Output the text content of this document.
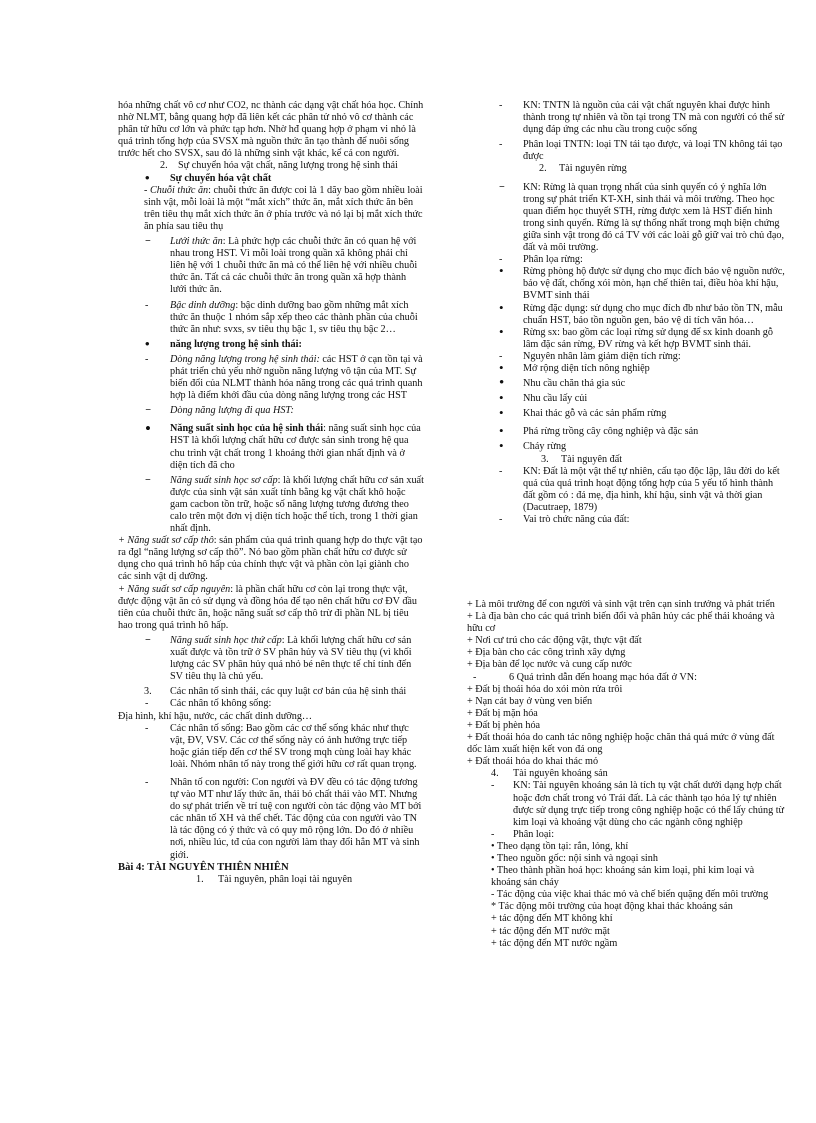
hóa những chất vô cơ như CO2, nc thành các dạng vật chất hóa học. Chính nhờ NLMT, bằng quang hợp đã liên kết các phân tử nhỏ vô cơ thành các phân tử hữu cơ lớn và phức tạp hơn. Nhờ hđ quang hợp ở phạm vi nhỏ là quá trình tổng hợp của SVSX mà nguồn thức ăn tạo thành để nuôi sống trước hết cho SVSX, sau đó là những sinh vật khác, kể cả con người.

2. Sự chuyển hóa vật chất, năng lượng trong hệ sinh thái

• Sự chuyển hóa vật chất

- Chuỗi thức ăn: chuỗi thức ăn được coi là 1 dãy bao gồm nhiều loài sinh vật, mỗi loài là một “mắt xích” thức ăn, mắt xích thức ăn bên trên tiêu thụ mắt xích thức ăn ở phía trước và nó lại bị mắt xích thức ăn phía sau tiêu thụ

− Lưới thức ăn: Là phức hợp các chuỗi thức ăn có quan hệ với nhau trong HST. Vì mỗi loài trong quần xã không phải chỉ liên hệ với 1 chuỗi thức ăn mà có thể liên hệ với nhiều chuỗi thức ăn. Tất cả các chuỗi thức ăn trong quần xã hợp thành lưới thức ăn.

- Bậc dinh dưỡng: bậc dinh dưỡng bao gồm những mắt xích thức ăn thuộc 1 nhóm sắp xếp theo các thành phần của chuỗi thức ăn như: svxs, sv tiêu thụ bậc 1, sv tiêu thụ bậc 2…

• năng lượng trong hệ sinh thái:

- Dòng năng lượng trong hệ sinh thái: các HST ở cạn tồn tại và phát triển chủ yếu nhờ nguồn năng lượng vô tận của MT. Sự biến đổi của NLMT thành hóa năng trong các quá trình quanh hợp là điểm khởi đầu của dòng năng lượng trong các HST

− Dòng năng lượng đi qua HST:

• Năng suất sinh học của hệ sinh thái: năng suất sinh học của HST là khối lượng chất hữu cơ được sản sinh trong hệ qua chu trình vật chất trong 1 khoảng thời gian nhất định và ở diện tích đã cho

− Năng suất sinh học sơ cấp: là khối lượng chất hữu cơ sản xuất được của sinh vật sản xuất tính bằng kg vật chất khô hoặc gam cacbon tồn trữ, hoặc số năng lượng tương đương theo calo trên một đơn vị diện tích hoặc thể tích, trong 1 thời gian nhất định.

+ Năng suất sơ cấp thô: sản phẩm của quá trình quang hợp do thực vật tạo ra đgl “năng lượng sơ cấp thô”. Nó bao gồm phần chất hữu cơ được sử dụng cho quá trình hô hấp của chính thực vật và phần còn lại giành cho các sinh vật dị dưỡng.

+ Năng suất sơ cấp nguyên: là phần chất hữu cơ còn lại trong thực vật, được động vật ăn cỏ sử dụng và đồng hóa để tạo nên chất hữu cơ ĐV đầu tiên của chuỗi thức ăn, hoặc năng suất sơ cấp thô trừ đi phần NL bị tiêu hao trong quá trình hô hấp.

− Năng suất sinh học thứ cấp: Là khối lượng chất hữu cơ sản xuất được và tồn trữ ở SV phân hủy và SV tiêu thụ (vì khối lượng các SV phân hủy quá nhỏ bé nên thực tế chỉ tính đến SV tiêu thụ là chủ yếu.

3. Các nhân tố sinh thái, các quy luật cơ bản của hệ sinh thái

- Các nhân tố không sống:

Địa hình, khí hậu, nước, các chất dinh dưỡng…

- Các nhân tố sống: Bao gồm các cơ thể sống khác như thực vật, ĐV, VSV. Các cơ thể sống này có ảnh hưởng trực tiếp hoặc gián tiếp đến cơ thể SV trong mqh cùng loài hay khác loài. Nhóm nhân tố này trong thế giới hữu cơ rất quan trọng.

- Nhân tố con người: Con người và ĐV đều có tác động tương tự vào MT như lấy thức ăn, thải bỏ chất thải vào MT. Nhưng do sự phát triển về trí tuệ con người còn tác động vào MT bởi các nhân tố XH và thể chết. Tác động của con người vào TN là tác động có ý thức và có quy mô rộng lớn. Do đó ở nhiều nơi, nhiều lúc, tđ của con người làm thay đổi hẳn MT và sinh giới.

Bài 4: TÀI NGUYÊN THIÊN NHIÊN

1. Tài nguyên, phân loại tài nguyên

- KN: TNTN là nguồn của cải vật chất nguyên khai được hình thành trong tự nhiên và tồn tại trong TN mà con người có thể sử dụng đáp ứng các nhu cầu trong cuộc sống

- Phân loại TNTN: loại TN tái tạo được, và loại TN không tái tạo được

2. Tài nguyên rừng

− KN: Rừng là quan trọng nhất của sinh quyển có ý nghĩa lớn trong sự phát triển KT-XH, sinh thái và môi trường. Theo học quan điểm học thuyết STH, rừng được xem là HST điển hình trong sinh quyển. Rừng là sự thống nhất trong mqh biện chứng giữa sinh vật trong đó cá TV với các loài gỗ giữ vai trò chủ đạo, đất và môi trường.

- Phân lọa rừng:

• Rừng phòng hộ được sử dụng cho mục đích bảo vệ nguồn nước, bảo vệ đất, chống xói mòn, hạn chế thiên tai, điều hòa khí hậu, BVMT sinh thái

• Rừng đặc dụng: sử dụng cho mục đích đb như bảo tồn TN, mẫu chuẩn HST, bảo tồn nguồn gen, bảo vệ di tích văn hóa…

• Rừng sx: bao gồm các loại rừng sử dụng để sx kinh doanh gỗ lâm đặc sản rừng, ĐV rừng và kết hợp BVMT sinh thái.

- Nguyên nhân làm giảm diện tích rừng:

• Mở rộng diện tích nông nghiệp

• Nhu cầu chăn thả gia súc

• Nhu cầu lấy củi

• Khai thác gỗ và các sản phẩm rừng

• Phá rừng trồng cây công nghiệp và đặc sản

• Cháy rừng

3. Tài nguyên đất

- KN: Đất là một vật thể tự nhiên, cấu tạo độc lập, lâu đời do kết quả của quá trình hoạt động tổng hợp của 5 yếu tố hình thành đất gồm có : đá mẹ, địa hình, khí hậu, sinh vật và thời gian (Dacutraep, 1879)

- Vai trò chức năng của đất:

+ Là môi trường để con người và sinh vật trên cạn sinh trưởng và phát triển

+ Là địa bàn cho các quá trình biến đổi và phân hủy các phế thải khoáng và hữu cơ

+ Nơi cư trú cho các động vật, thực vật đất

+ Địa bàn cho các công trình xây dựng

+ Địa bàn để lọc nước và cung cấp nước

- 6 Quá trình dẫn đến hoang mạc hóa đất ở VN:

+ Đất bị thoái hóa do xói mòn rửa trôi

+ Nạn cát bay ở vùng ven biển

+ Đất bị mặn hóa

+ Đất bị phèn hóa

+ Đất thoái hóa do canh tác nông nghiệp hoặc chăn thả quá mức ở vùng đất dốc làm xuất hiện kết von đá ong

+ Đất thoái hóa do khai thác mỏ

4. Tài nguyên khoáng sản

- KN: Tài nguyên khoáng sản là tích tụ vật chất dưới dạng hợp chất hoặc đơn chất trong vỏ Trái đất. Là các thành tạo hóa lý tự nhiên được sử dụng trực tiếp trong công nghiệp hoặc có thể lấy chúng từ kim loại và khoáng vật dùng cho các ngành công nghiệp

- Phân loại:

• Theo dạng tồn tại: rắn, lỏng, khí

• Theo nguồn gốc: nội sinh và ngoại sinh

• Theo thành phần hoá học: khoáng sản kim loại, phi kim loại và khoáng sản cháy

- Tác động của việc khai thác mỏ và chế biến quặng đến môi trường

* Tác động môi trường của hoạt động khai thác khoáng sản

+ tác động đến MT không khí

+ tác động đến MT nước mặt

+ tác động đến MT nước ngầm
